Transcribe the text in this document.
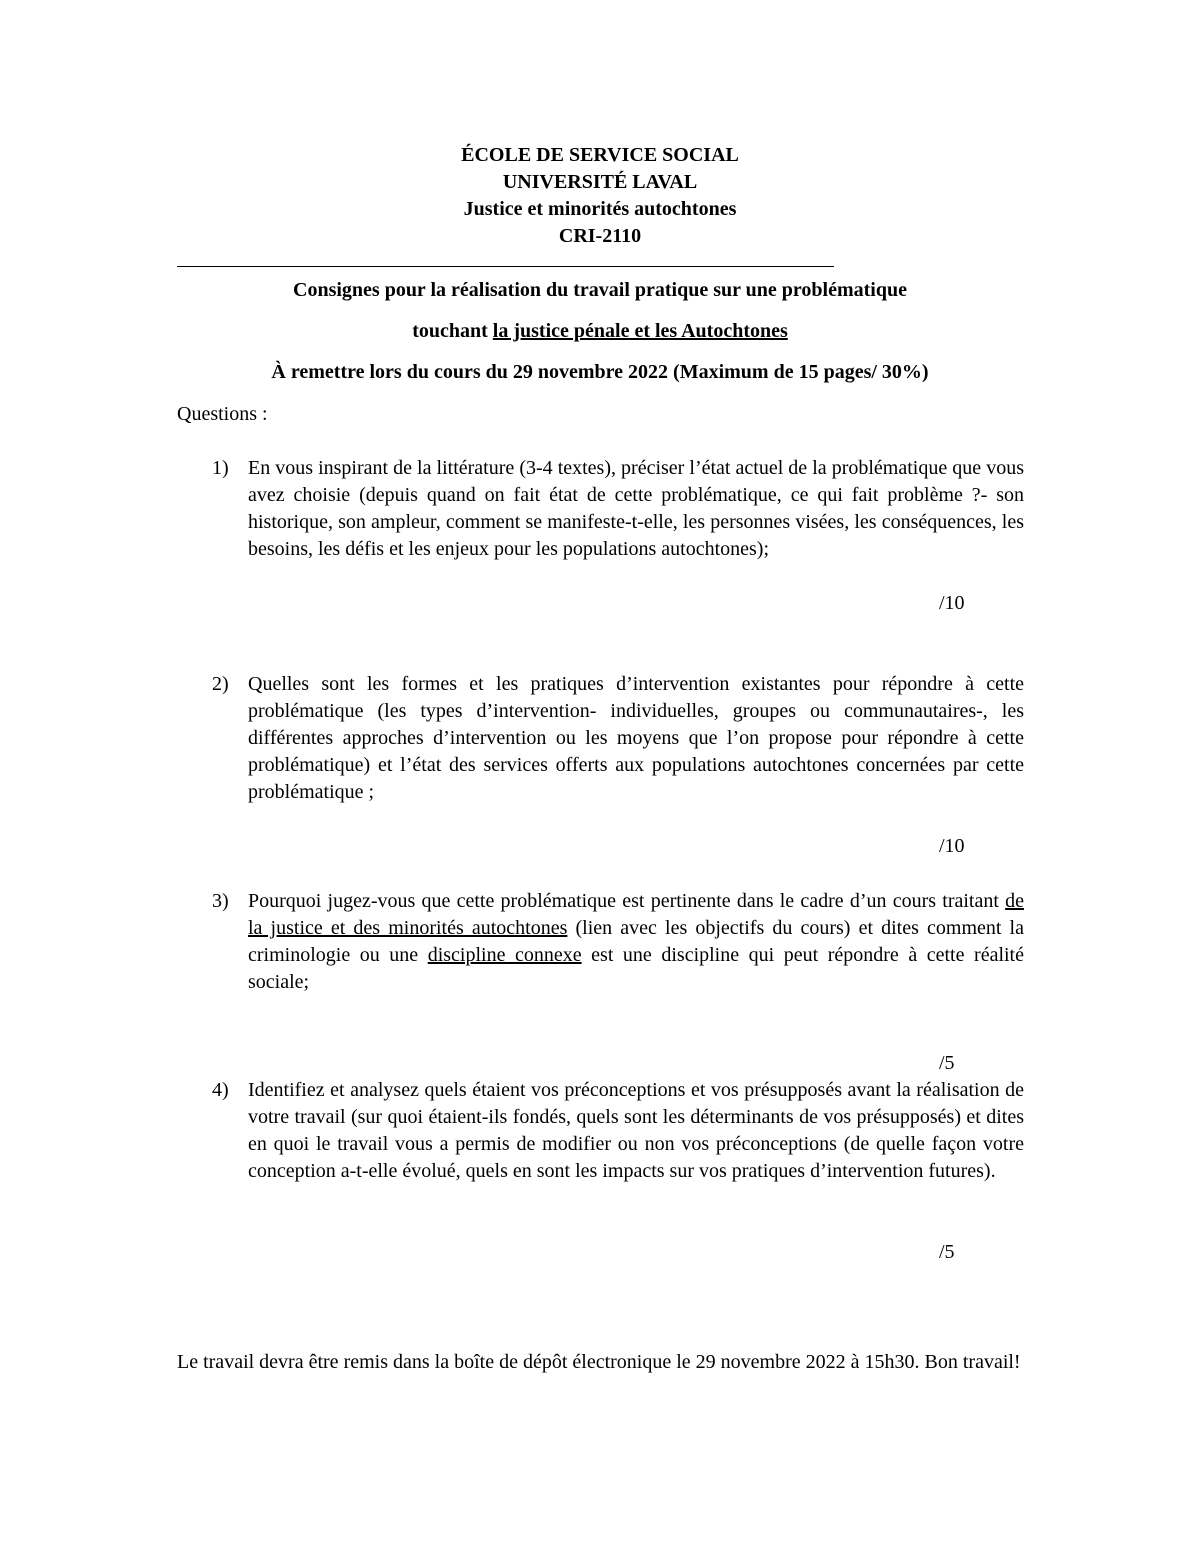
ÉCOLE DE SERVICE SOCIAL
UNIVERSITÉ LAVAL
Justice et minorités autochtones
CRI-2110
Consignes pour la réalisation du travail pratique sur une problématique
touchant la justice pénale et les Autochtones
À remettre lors du cours du 29 novembre 2022 (Maximum de 15 pages/ 30%)
Questions :
1) En vous inspirant de la littérature (3-4 textes), préciser l’état actuel de la problématique que vous avez choisie (depuis quand on fait état de cette problématique, ce qui fait problème ?- son historique, son ampleur, comment se manifeste-t-elle, les personnes visées, les conséquences, les besoins, les défis et les enjeux pour les populations autochtones);
/10
2) Quelles sont les formes et les pratiques d’intervention existantes pour répondre à cette problématique (les types d’intervention- individuelles, groupes ou communautaires-, les différentes approches d’intervention ou les moyens que l’on propose pour répondre à cette problématique) et l’état des services offerts aux populations autochtones concernées par cette problématique ;
/10
3) Pourquoi jugez-vous que cette problématique est pertinente dans le cadre d’un cours traitant de la justice et des minorités autochtones (lien avec les objectifs du cours) et dites comment la criminologie ou une discipline connexe est une discipline qui peut répondre à cette réalité sociale;
/5
4) Identifiez et analysez quels étaient vos préconceptions et vos présupposés avant la réalisation de votre travail (sur quoi étaient-ils fondés, quels sont les déterminants de vos présupposés) et dites en quoi le travail vous a permis de modifier ou non vos préconceptions (de quelle façon votre conception a-t-elle évolué, quels en sont les impacts sur vos pratiques d’intervention futures).
/5
Le travail devra être remis dans la boîte de dépôt électronique le 29 novembre 2022 à 15h30. Bon travail!
